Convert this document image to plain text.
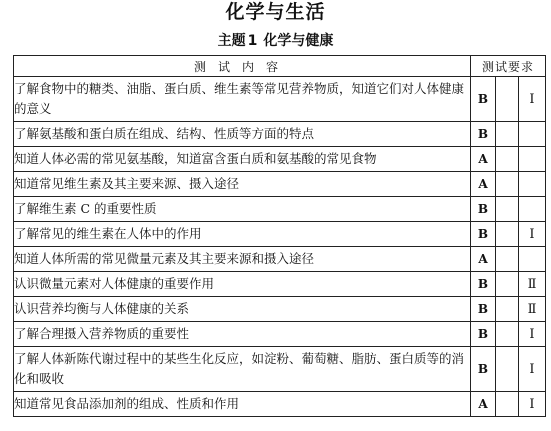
化学与生活
主题 1 化学与健康
测试内容	测试要求		
了解食物中的糖类、油脂、蛋白质、维生素等常见营养物质，知道它们对人体健康的意义	B		Ⅰ
了解氨基酸和蛋白质在组成、结构、性质等方面的特点	B		
知道人体必需的常见氨基酸，知道富含蛋白质和氨基酸的常见食物	A		
知道常见维生素及其主要来源、摄入途径	A		
了解维生素 C 的重要性质	B		
了解常见的维生素在人体中的作用	B		Ⅰ
知道人体所需的常见微量元素及其主要来源和摄入途径	A		
认识微量元素对人体健康的重要作用	B		Ⅱ
认识营养均衡与人体健康的关系	B		Ⅱ
了解合理摄入营养物质的重要性	B		Ⅰ
了解人体新陈代谢过程中的某些生化反应，如淀粉、葡萄糖、脂肪、蛋白质等的消化和吸收	B		Ⅰ
知道常见食品添加剂的组成、性质和作用	A		Ⅰ
